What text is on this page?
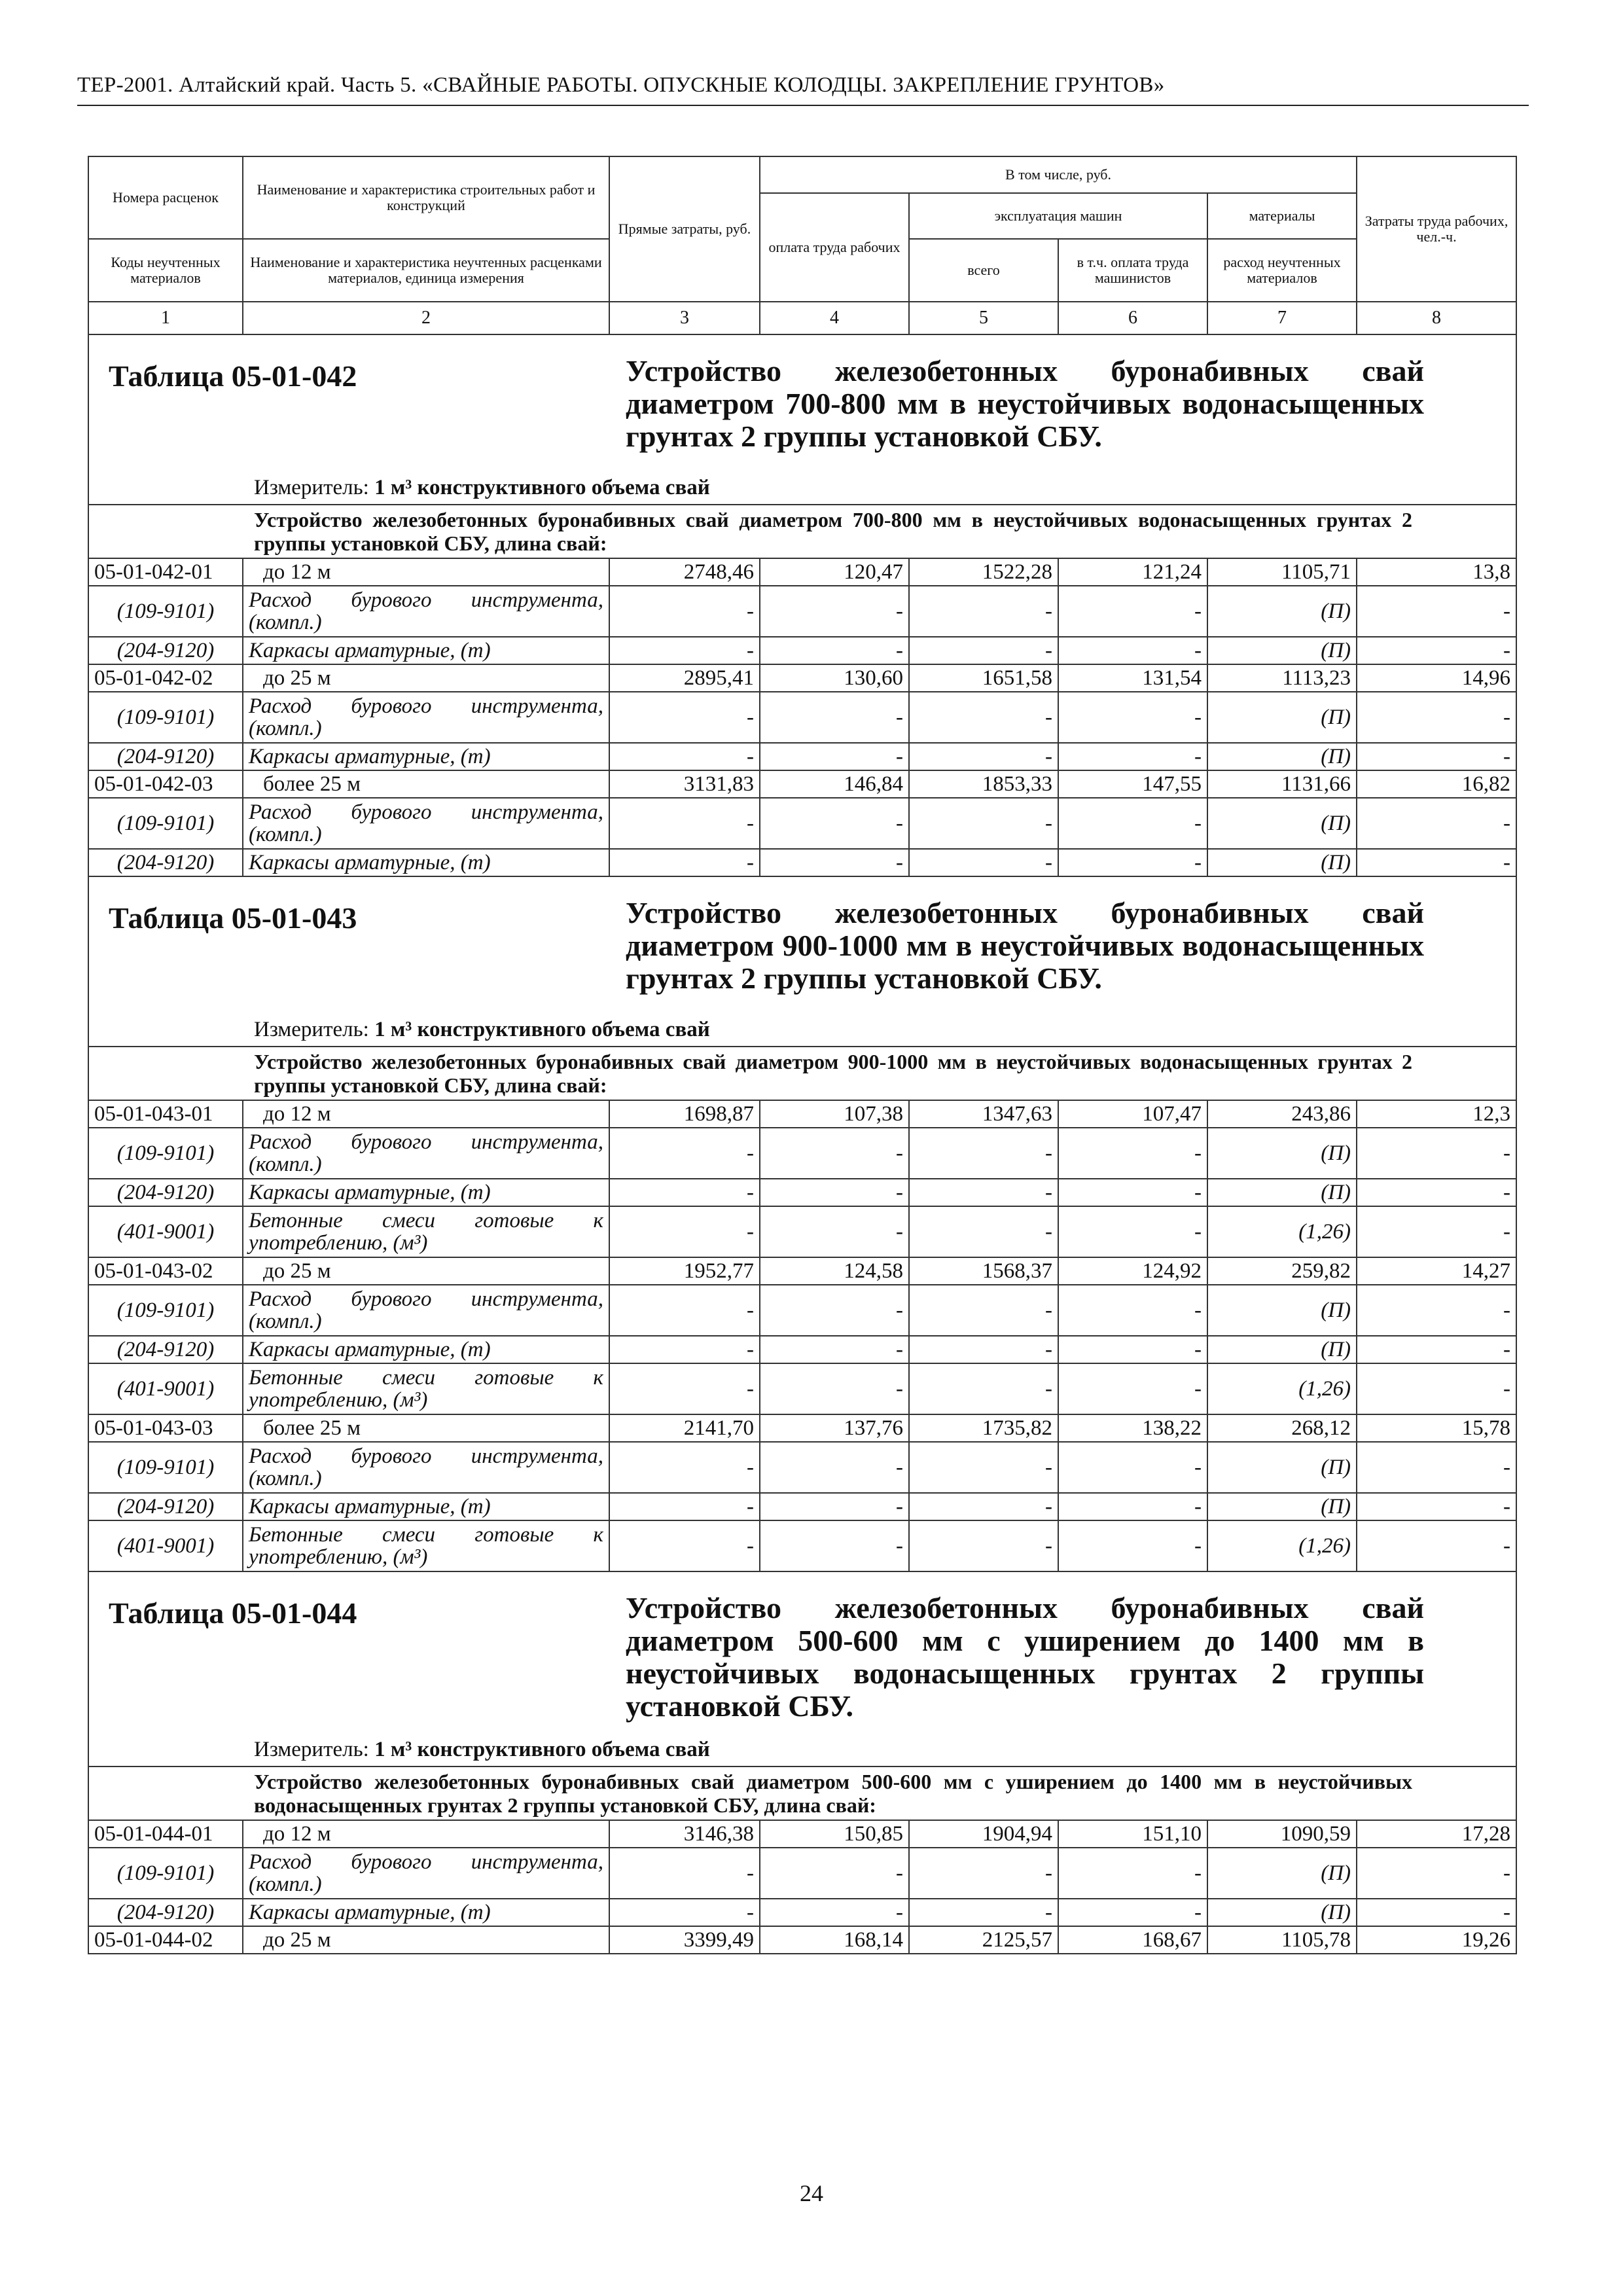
ТЕР-2001. Алтайский край. Часть 5. «СВАЙНЫЕ РАБОТЫ. ОПУСКНЫЕ КОЛОДЦЫ. ЗАКРЕПЛЕНИЕ ГРУНТОВ»
Номера расценок	Наименование и характеристика строительных работ и конструкций	Прямые затраты, руб.	В том числе, руб.				Затраты труда рабочих, чел.-ч.

			оплата труда рабочих	эксплуатация машин		материалы	
Коды неучтенных материалов	Наименование и характеристика неучтенных расценками материалов, единица измерения			всего	в т.ч. оплата труда машинистов	расход неучтенных материалов	

1	2	3	4	5	6	7	8

Таблица 05-01-042 Устройство железобетонных буронабивных свай диаметром 700-800 мм в неустойчивых водонасыщенных грунтах 2 группы установкой СБУ.
Измеритель: 1 м³ конструктивного объема свай							

Устройство железобетонных буронабивных свай диаметром 700-800 мм в неустойчивых водонасыщенных грунтах 2 группы установкой СБУ, длина свай:							
05-01-042-01	до 12 м	2748,46	120,47	1522,28	121,24	1105,71	13,8
(109-9101)	Расход бурового инструмента, (компл.)	-	-	-	-	(П)	-
(204-9120)	Каркасы арматурные, (т)	-	-	-	-	(П)	-
05-01-042-02	до 25 м	2895,41	130,60	1651,58	131,54	1113,23	14,96
(109-9101)	Расход бурового инструмента, (компл.)	-	-	-	-	(П)	-
(204-9120)	Каркасы арматурные, (т)	-	-	-	-	(П)	-
05-01-042-03	более 25 м	3131,83	146,84	1853,33	147,55	1131,66	16,82
(109-9101)	Расход бурового инструмента, (компл.)	-	-	-	-	(П)	-
(204-9120)	Каркасы арматурные, (т)	-	-	-	-	(П)	-

Таблица 05-01-043 Устройство железобетонных буронабивных свай диаметром 900-1000 мм в неустойчивых водонасыщенных грунтах 2 группы установкой СБУ.
Измеритель: 1 м³ конструктивного объема свай							

Устройство железобетонных буронабивных свай диаметром 900-1000 мм в неустойчивых водонасыщенных грунтах 2 группы установкой СБУ, длина свай:							
05-01-043-01	до 12 м	1698,87	107,38	1347,63	107,47	243,86	12,3
(109-9101)	Расход бурового инструмента, (компл.)	-	-	-	-	(П)	-
(204-9120)	Каркасы арматурные, (т)	-	-	-	-	(П)	-
(401-9001)	Бетонные смеси готовые к употреблению, (м³)	-	-	-	-	(1,26)	-
05-01-043-02	до 25 м	1952,77	124,58	1568,37	124,92	259,82	14,27
(109-9101)	Расход бурового инструмента, (компл.)	-	-	-	-	(П)	-
(204-9120)	Каркасы арматурные, (т)	-	-	-	-	(П)	-
(401-9001)	Бетонные смеси готовые к употреблению, (м³)	-	-	-	-	(1,26)	-
05-01-043-03	более 25 м	2141,70	137,76	1735,82	138,22	268,12	15,78
(109-9101)	Расход бурового инструмента, (компл.)	-	-	-	-	(П)	-
(204-9120)	Каркасы арматурные, (т)	-	-	-	-	(П)	-
(401-9001)	Бетонные смеси готовые к употреблению, (м³)	-	-	-	-	(1,26)	-

Таблица 05-01-044 Устройство железобетонных буронабивных свай диаметром 500-600 мм с уширением до 1400 мм в неустойчивых водонасыщенных грунтах 2 группы установкой СБУ.
Измеритель: 1 м³ конструктивного объема свай							

Устройство железобетонных буронабивных свай диаметром 500-600 мм с уширением до 1400 мм в неустойчивых водонасыщенных грунтах 2 группы установкой СБУ, длина свай:							
05-01-044-01	до 12 м	3146,38	150,85	1904,94	151,10	1090,59	17,28
(109-9101)	Расход бурового инструмента, (компл.)	-	-	-	-	(П)	-
(204-9120)	Каркасы арматурные, (т)	-	-	-	-	(П)	-
05-01-044-02	до 25 м	3399,49	168,14	2125,57	168,67	1105,78	19,26
24
